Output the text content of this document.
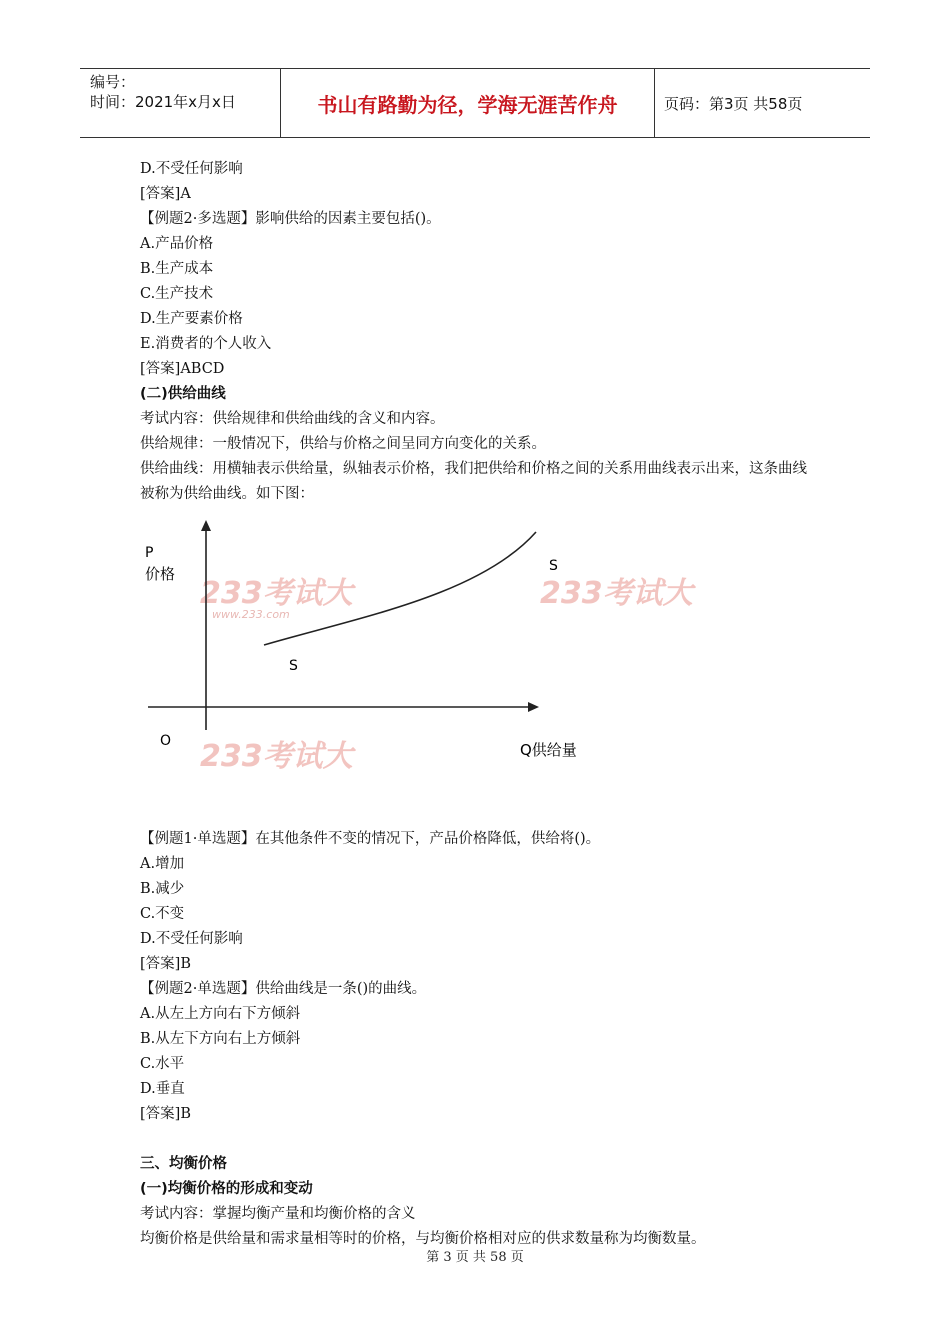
编号：
时间：2021年x月x日	书山有路勤为径，学海无涯苦作舟	页码：第3页 共58页
D.不受任何影响
[答案]A
【例题2·多选题】影响供给的因素主要包括()。
A.产品价格
B.生产成本
C.生产技术
D.生产要素价格
E.消费者的个人收入
[答案]ABCD
(二)供给曲线
考试内容：供给规律和供给曲线的含义和内容。
供给规律：一般情况下，供给与价格之间呈同方向变化的关系。
供给曲线：用横轴表示供给量，纵轴表示价格，我们把供给和价格之间的关系用曲线表示出来，这条曲线被称为供给曲线。如下图：
233考试大
233考试大
233考试大
www.233.com
P
价格
O	Q供给量
S
S
【例题1·单选题】在其他条件不变的情况下，产品价格降低，供给将()。
A.增加
B.减少
C.不变
D.不受任何影响
[答案]B
【例题2·单选题】供给曲线是一条()的曲线。
A.从左上方向右下方倾斜
B.从左下方向右上方倾斜
C.水平
D.垂直
[答案]B
三、均衡价格
(一)均衡价格的形成和变动
考试内容：掌握均衡产量和均衡价格的含义
均衡价格是供给量和需求量相等时的价格，与均衡价格相对应的供求数量称为均衡数量。
第 3 页 共 58 页
